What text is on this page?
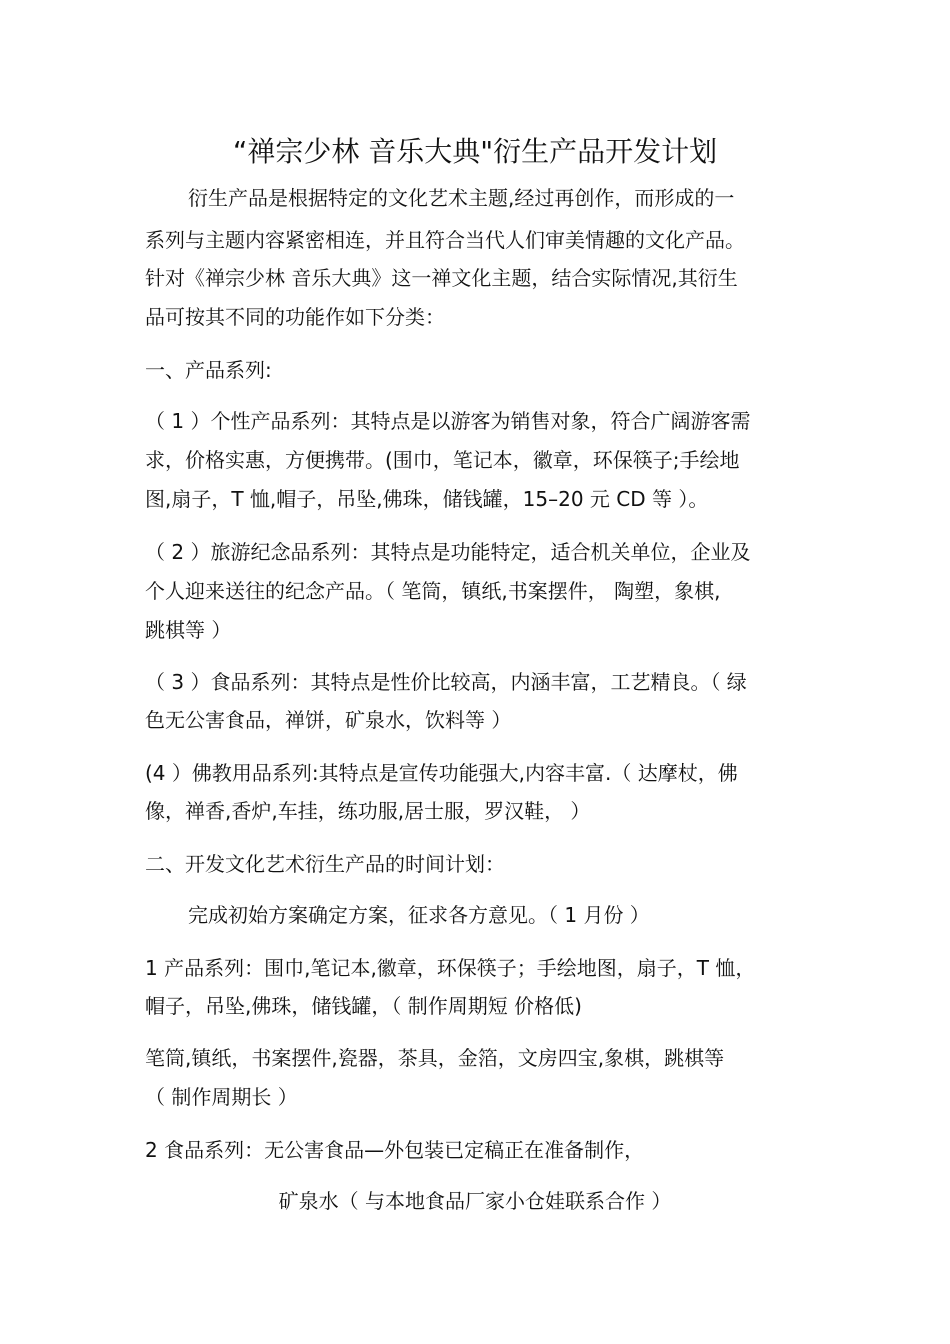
“禅宗少林 音乐大典"衍生产品开发计划
衍生产品是根据特定的文化艺术主题,经过再创作，而形成的一
系列与主题内容紧密相连，并且符合当代人们审美情趣的文化产品。
针对《禅宗少林 音乐大典》这一禅文化主题，结合实际情况,其衍生
品可按其不同的功能作如下分类：
一、产品系列:
（ 1 ）个性产品系列：其特点是以游客为销售对象，符合广阔游客需
求，价格实惠，方便携带。(围巾，笔记本，徽章，环保筷子;手绘地
图,扇子，T 恤,帽子，吊坠,佛珠，储钱罐，15–20 元 CD 等 ）。
（ 2 ）旅游纪念品系列：其特点是功能特定，适合机关单位，企业及
个人迎来送往的纪念产品。（ 笔筒，镇纸,书案摆件， 陶塑，象棋,
跳棋等 ）
（ 3 ）食品系列：其特点是性价比较高，内涵丰富，工艺精良。（ 绿
色无公害食品，禅饼，矿泉水，饮料等 ）
(4 ）佛教用品系列:其特点是宣传功能强大,内容丰富.（ 达摩杖，佛
像，禅香,香炉,车挂，练功服,居士服，罗汉鞋， ）
二、开发文化艺术衍生产品的时间计划：
完成初始方案确定方案，征求各方意见。（ 1 月份 ）
1 产品系列：围巾,笔记本,徽章，环保筷子；手绘地图，扇子，T 恤，
帽子，吊坠,佛珠，储钱罐，（ 制作周期短 价格低)
笔筒,镇纸，书案摆件,瓷器，茶具，金箔，文房四宝,象棋，跳棋等
（ 制作周期长 ）
2 食品系列：无公害食品—外包装已定稿正在准备制作，
矿泉水（ 与本地食品厂家小仓娃联系合作 ）
